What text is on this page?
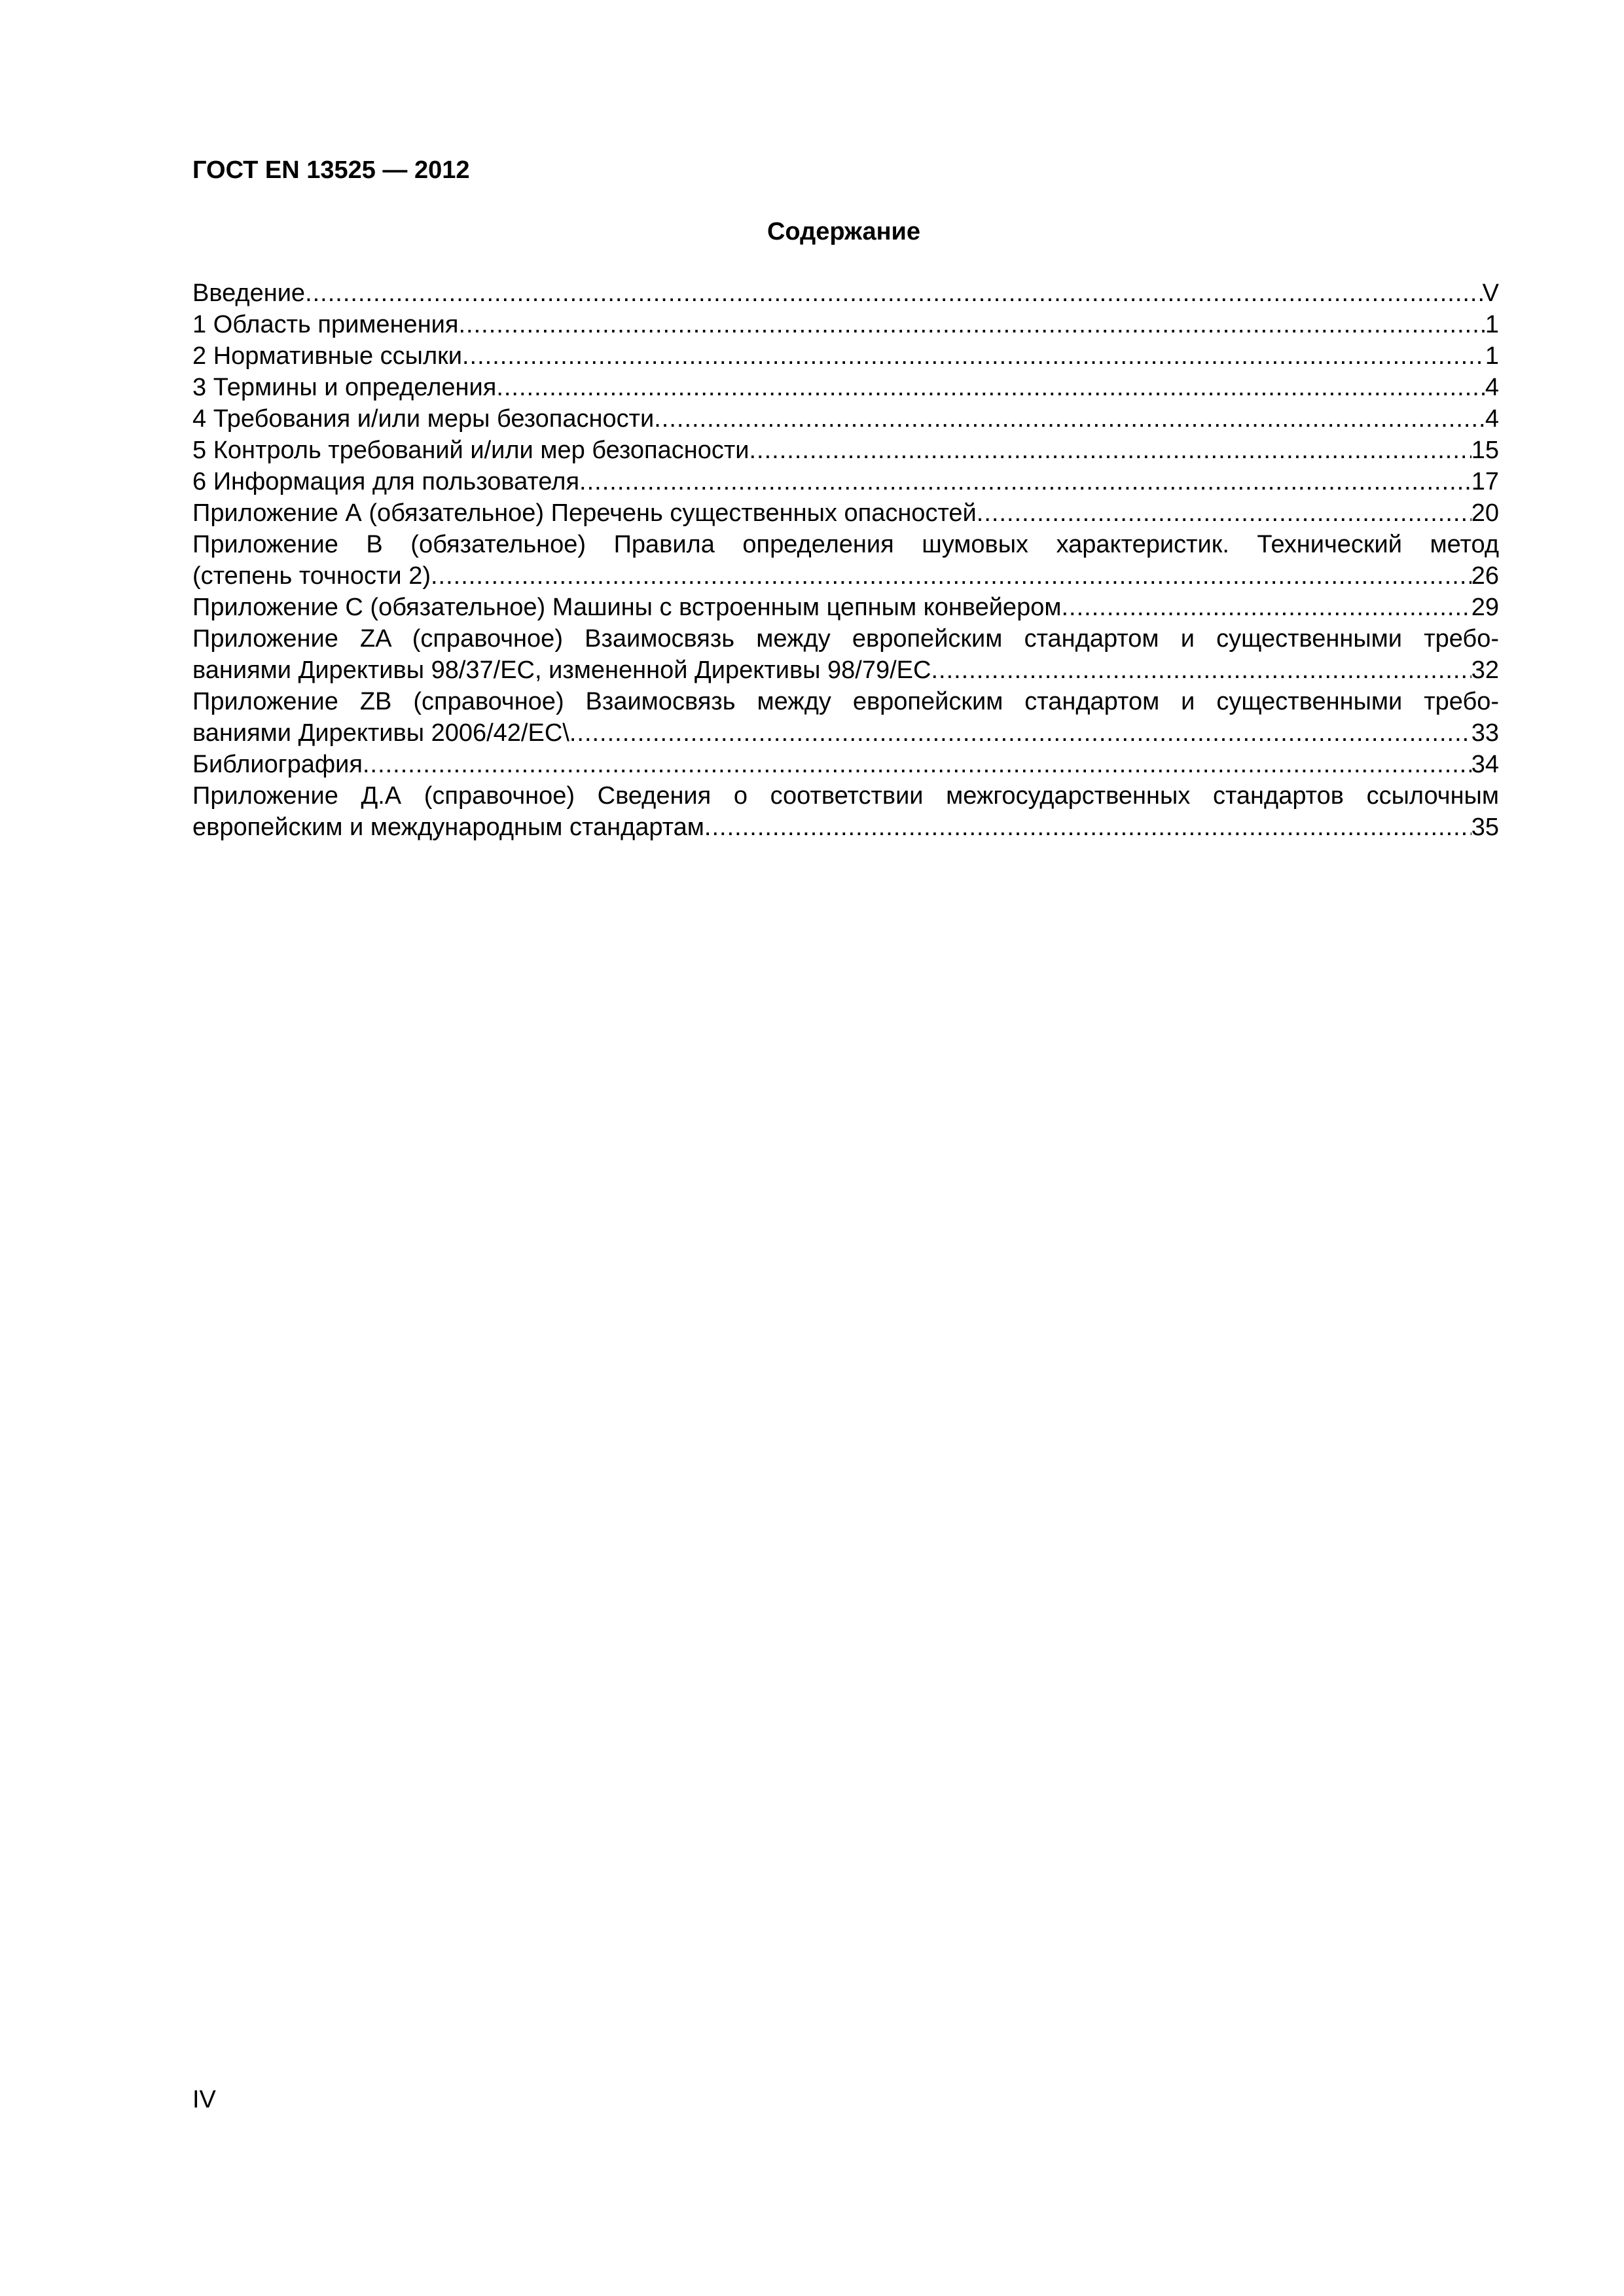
ГОСТ EN 13525 — 2012
Содержание
Введение .....	V
1 Область применения .....	1
2 Нормативные ссылки .....	1
3 Термины и определения .....	4
4 Требования и/или меры безопасности .....	4
5 Контроль требований и/или мер безопасности .....	15
6 Информация для пользователя .....	17
Приложение А (обязательное) Перечень существенных опасностей .....	20
Приложение В (обязательное) Правила определения шумовых характеристик. Технический метод
(степень точности 2) .....	26
Приложение С (обязательное) Машины с встроенным цепным конвейером .....	29
Приложение ZA (справочное) Взаимосвязь между европейским стандартом и существенными требо-
ваниями Директивы 98/37/ЕС, измененной Директивы 98/79/ЕС .....	32
Приложение ZB (справочное) Взаимосвязь между европейским стандартом и существенными требо-
ваниями Директивы 2006/42/ЕС\ .....	33
Библиография .....	34
Приложение Д.А (справочное) Сведения о соответствии межгосударственных стандартов ссылочным
европейским и международным стандартам .....	35
IV
